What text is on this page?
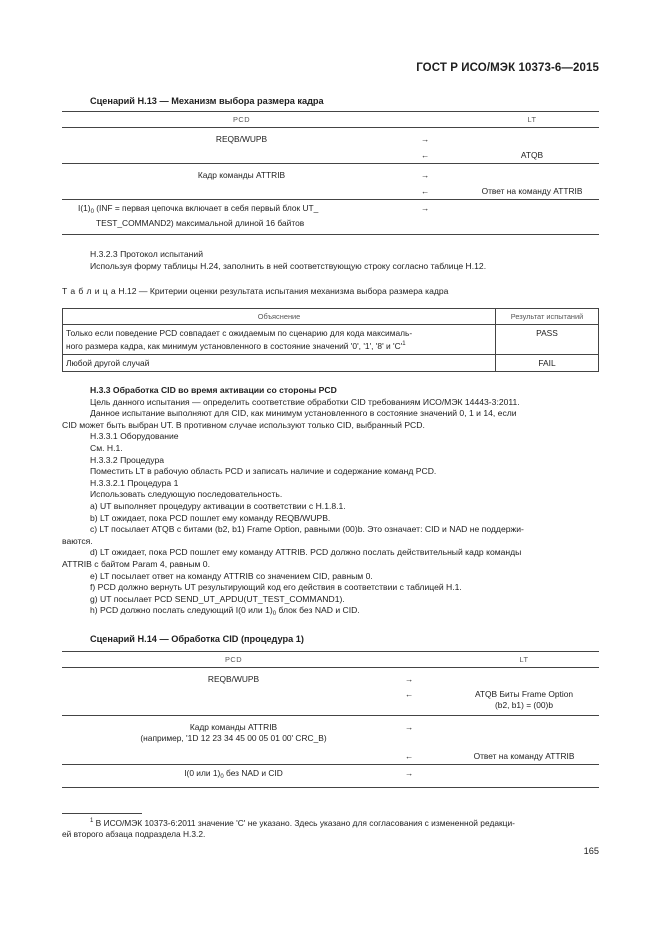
ГОСТ Р ИСО/МЭК 10373-6—2015
Сценарий Н.13 — Механизм выбора размера кадра
PCD		LT
REQB/WUPB	→	
	←	ATQB
Кадр команды ATTRIB	→	
	←	Ответ на команду ATTRIB
$I(1)_0$ (INF = первая цепочка включает в себя первый блок UT_
TEST_COMMAND2) максимальной длиной 16 байтов	→	
Н.3.2.3 Протокол испытаний
Используя форму таблицы Н.24, заполнить в ней соответствующую строку согласно таблице Н.12.
Т а б л и ц а Н.12 — Критерии оценки результата испытания механизма выбора размера кадра
Объяснение	Результат испытаний
Только если поведение PCD совпадает с ожидаемым по сценарию для кода максималь-
ного размера кадра, как минимум установленного в состояние значений '0', '1', '8' и '$C'^1$	PASS
Любой другой случай	FAIL
Н.3.3 Обработка CID во время активации со стороны PCD
Цель данного испытания — определить соответствие обработки CID требованиям ИСО/МЭК 14443-3:2011.
Данное испытание выполняют для CID, как минимум установленного в состояние значений 0, 1 и 14, если
CID может быть выбран UT. В противном случае используют только CID, выбранный PCD.
Н.3.3.1 Оборудование
См. Н.1.
Н.3.3.2 Процедура
Поместить LT в рабочую область PCD и записать наличие и содержание команд PCD.
Н.3.3.2.1 Процедура 1
Использовать следующую последовательность.
a) UT выполняет процедуру активации в соответствии с Н.1.8.1.
b) LT ожидает, пока PCD пошлет ему команду REQB/WUPB.
c) LT посылает ATQB с битами (b2, b1) Frame Option, равными (00)b. Это означает: CID и NAD не поддержи-
ваются.
d) LT ожидает, пока PCD пошлет ему команду ATTRIB. PCD должно послать действительный кадр команды
ATTRIB с байтом Param 4, равным 0.
e) LT посылает ответ на команду ATTRIB со значением CID, равным 0.
f) PCD должно вернуть UT результирующий код его действия в соответствии с таблицей Н.1.
g) UT посылает PCD SEND_UT_APDU(UT_TEST_COMMAND1).
h) PCD должно послать следующий I(0 или $1)_0$ блок без NAD и CID.
Сценарий Н.14 — Обработка CID (процедура 1)
PCD		LT
REQB/WUPB	→	
	←	ATQB Биты Frame Option
(b2, b1) = (00)b
Кадр команды ATTRIB
(например, '1D 12 23 34 45 00 05 01 00' CRC_B)	→	
	←	Ответ на команду ATTRIB
I(0 или $1)_0$ без NAD и CID	→	
$^1$ В ИСО/МЭК 10373-6:2011 значение 'C' не указано. Здесь указано для согласования с измененной редакци-
ей второго абзаца подраздела Н.3.2.
165
